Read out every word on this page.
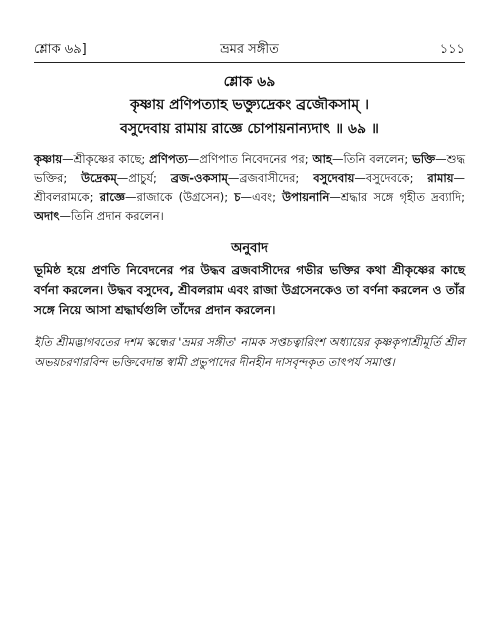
শ্লোক ৬৯]	ভ্রমর সঙ্গীত	১১১
শ্লোক ৬৯
কৃষ্ণায় প্রণিপত্যাহ ভক্ত্যুদ্রেকং ব্রজৌকসাম্ ।
বসুদেবায় রামায় রাজ্ঞে চোপায়নান্যদাৎ ॥ ৬৯ ॥
কৃষ্ণায়—শ্রীকৃষ্ণের কাছে; প্রণিপত্য—প্রণিপাত নিবেদনের পর; আহ—তিনি বললেন; ভক্তি—শুদ্ধ ভক্তির; উদ্রেকম্—প্রাচুর্য; ব্রজ-ওকসাম্—ব্রজবাসীদের; বসুদেবায়—বসুদেবকে; রামায়—শ্রীবলরামকে; রাজ্ঞে—রাজাকে (উগ্রসেন); চ—এবং; উপায়নানি—শ্রদ্ধার সঙ্গে গৃহীত দ্রব্যাদি; অদাৎ—তিনি প্রদান করলেন।
অনুবাদ
ভূমিষ্ঠ হয়ে প্রণতি নিবেদনের পর উদ্ধব ব্রজবাসীদের গভীর ভক্তির কথা শ্রীকৃষ্ণের কাছে বর্ণনা করলেন। উদ্ধব বসুদেব, শ্রীবলরাম এবং রাজা উগ্রসেনকেও তা বর্ণনা করলেন ও তাঁর সঙ্গে নিয়ে আসা শ্রদ্ধার্ঘগুলি তাঁদের প্রদান করলেন।
ইতি শ্রীমদ্ভাগবতের দশম স্কন্ধের 'ভ্রমর সঙ্গীত' নামক সপ্তচত্বারিংশ অধ্যায়ের কৃষ্ণকৃপাশ্রীমূর্তি শ্রীল অভয়চরণারবিন্দ ভক্তিবেদান্ত স্বামী প্রভুপাদের দীনহীন দাসবৃন্দকৃত তাৎপর্য সমাপ্ত।
